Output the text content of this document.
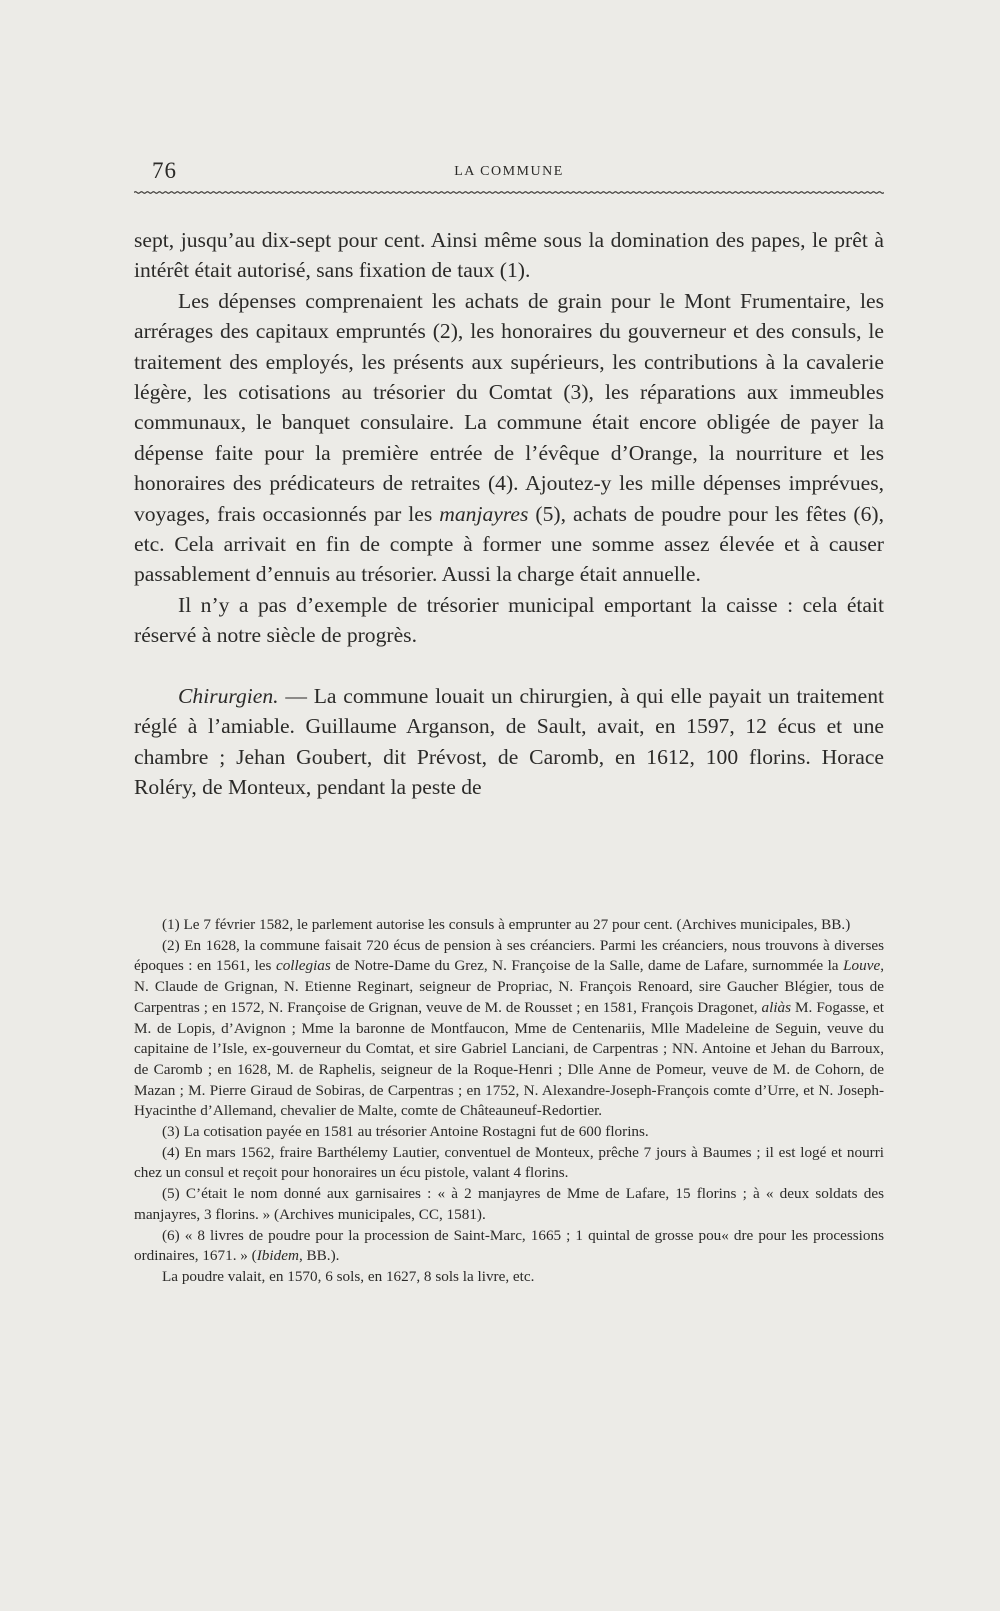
76	LA COMMUNE

sept, jusqu’au dix-sept pour cent. Ainsi même sous la domination des papes, le prêt à intérêt était autorisé, sans fixation de taux (1).

Les dépenses comprenaient les achats de grain pour le Mont Frumentaire, les arrérages des capitaux empruntés (2), les honoraires du gouverneur et des consuls, le traitement des employés, les présents aux supérieurs, les contributions à la cavalerie légère, les cotisations au trésorier du Comtat (3), les réparations aux immeubles communaux, le banquet consulaire. La commune était encore obligée de payer la dépense faite pour la première entrée de l’évêque d’Orange, la nourriture et les honoraires des prédicateurs de retraites (4). Ajoutez-y les mille dépenses imprévues, voyages, frais occasionnés par les manjayres (5), achats de poudre pour les fêtes (6), etc. Cela arrivait en fin de compte à former une somme assez élevée et à causer passablement d’ennuis au trésorier. Aussi la charge était annuelle.

Il n’y a pas d’exemple de trésorier municipal emportant la caisse : cela était réservé à notre siècle de progrès.

Chirurgien. — La commune louait un chirurgien, à qui elle payait un traitement réglé à l’amiable. Guillaume Arganson, de Sault, avait, en 1597, 12 écus et une chambre ; Jehan Goubert, dit Prévost, de Caromb, en 1612, 100 florins. Horace Roléry, de Monteux, pendant la peste de

(1) Le 7 février 1582, le parlement autorise les consuls à emprunter au 27 pour cent. (Archives municipales, BB.)

(2) En 1628, la commune faisait 720 écus de pension à ses créanciers. Parmi les créanciers, nous trouvons à diverses époques : en 1561, les collegias de Notre-Dame du Grez, N. Françoise de la Salle, dame de Lafare, surnommée la Louve, N. Claude de Grignan, N. Etienne Reginart, seigneur de Propriac, N. François Renoard, sire Gaucher Blégier, tous de Carpentras ; en 1572, N. Françoise de Grignan, veuve de M. de Rousset ; en 1581, François Dragonet, aliàs M. Fogasse, et M. de Lopis, d’Avignon ; Mme la baronne de Montfaucon, Mme de Centenariis, Mlle Madeleine de Seguin, veuve du capitaine de l’Isle, ex-gouverneur du Comtat, et sire Gabriel Lanciani, de Carpentras ; NN. Antoine et Jehan du Barroux, de Caromb ; en 1628, M. de Raphelis, seigneur de la Roque-Henri ; Dlle Anne de Pomeur, veuve de M. de Cohorn, de Mazan ; M. Pierre Giraud de Sobiras, de Carpentras ; en 1752, N. Alexandre-Joseph-François comte d’Urre, et N. Joseph-Hyacinthe d’Allemand, chevalier de Malte, comte de Châteauneuf-Redortier.

(3) La cotisation payée en 1581 au trésorier Antoine Rostagni fut de 600 florins.

(4) En mars 1562, fraire Barthélemy Lautier, conventuel de Monteux, prêche 7 jours à Baumes ; il est logé et nourri chez un consul et reçoit pour honoraires un écu pistole, valant 4 florins.

(5) C’était le nom donné aux garnisaires : « à 2 manjayres de Mme de Lafare, 15 florins ; à « deux soldats des manjayres, 3 florins. » (Archives municipales, CC, 1581).

(6) « 8 livres de poudre pour la procession de Saint-Marc, 1665 ; 1 quintal de grosse pou« dre pour les processions ordinaires, 1671. » (Ibidem, BB.).

La poudre valait, en 1570, 6 sols, en 1627, 8 sols la livre, etc.
